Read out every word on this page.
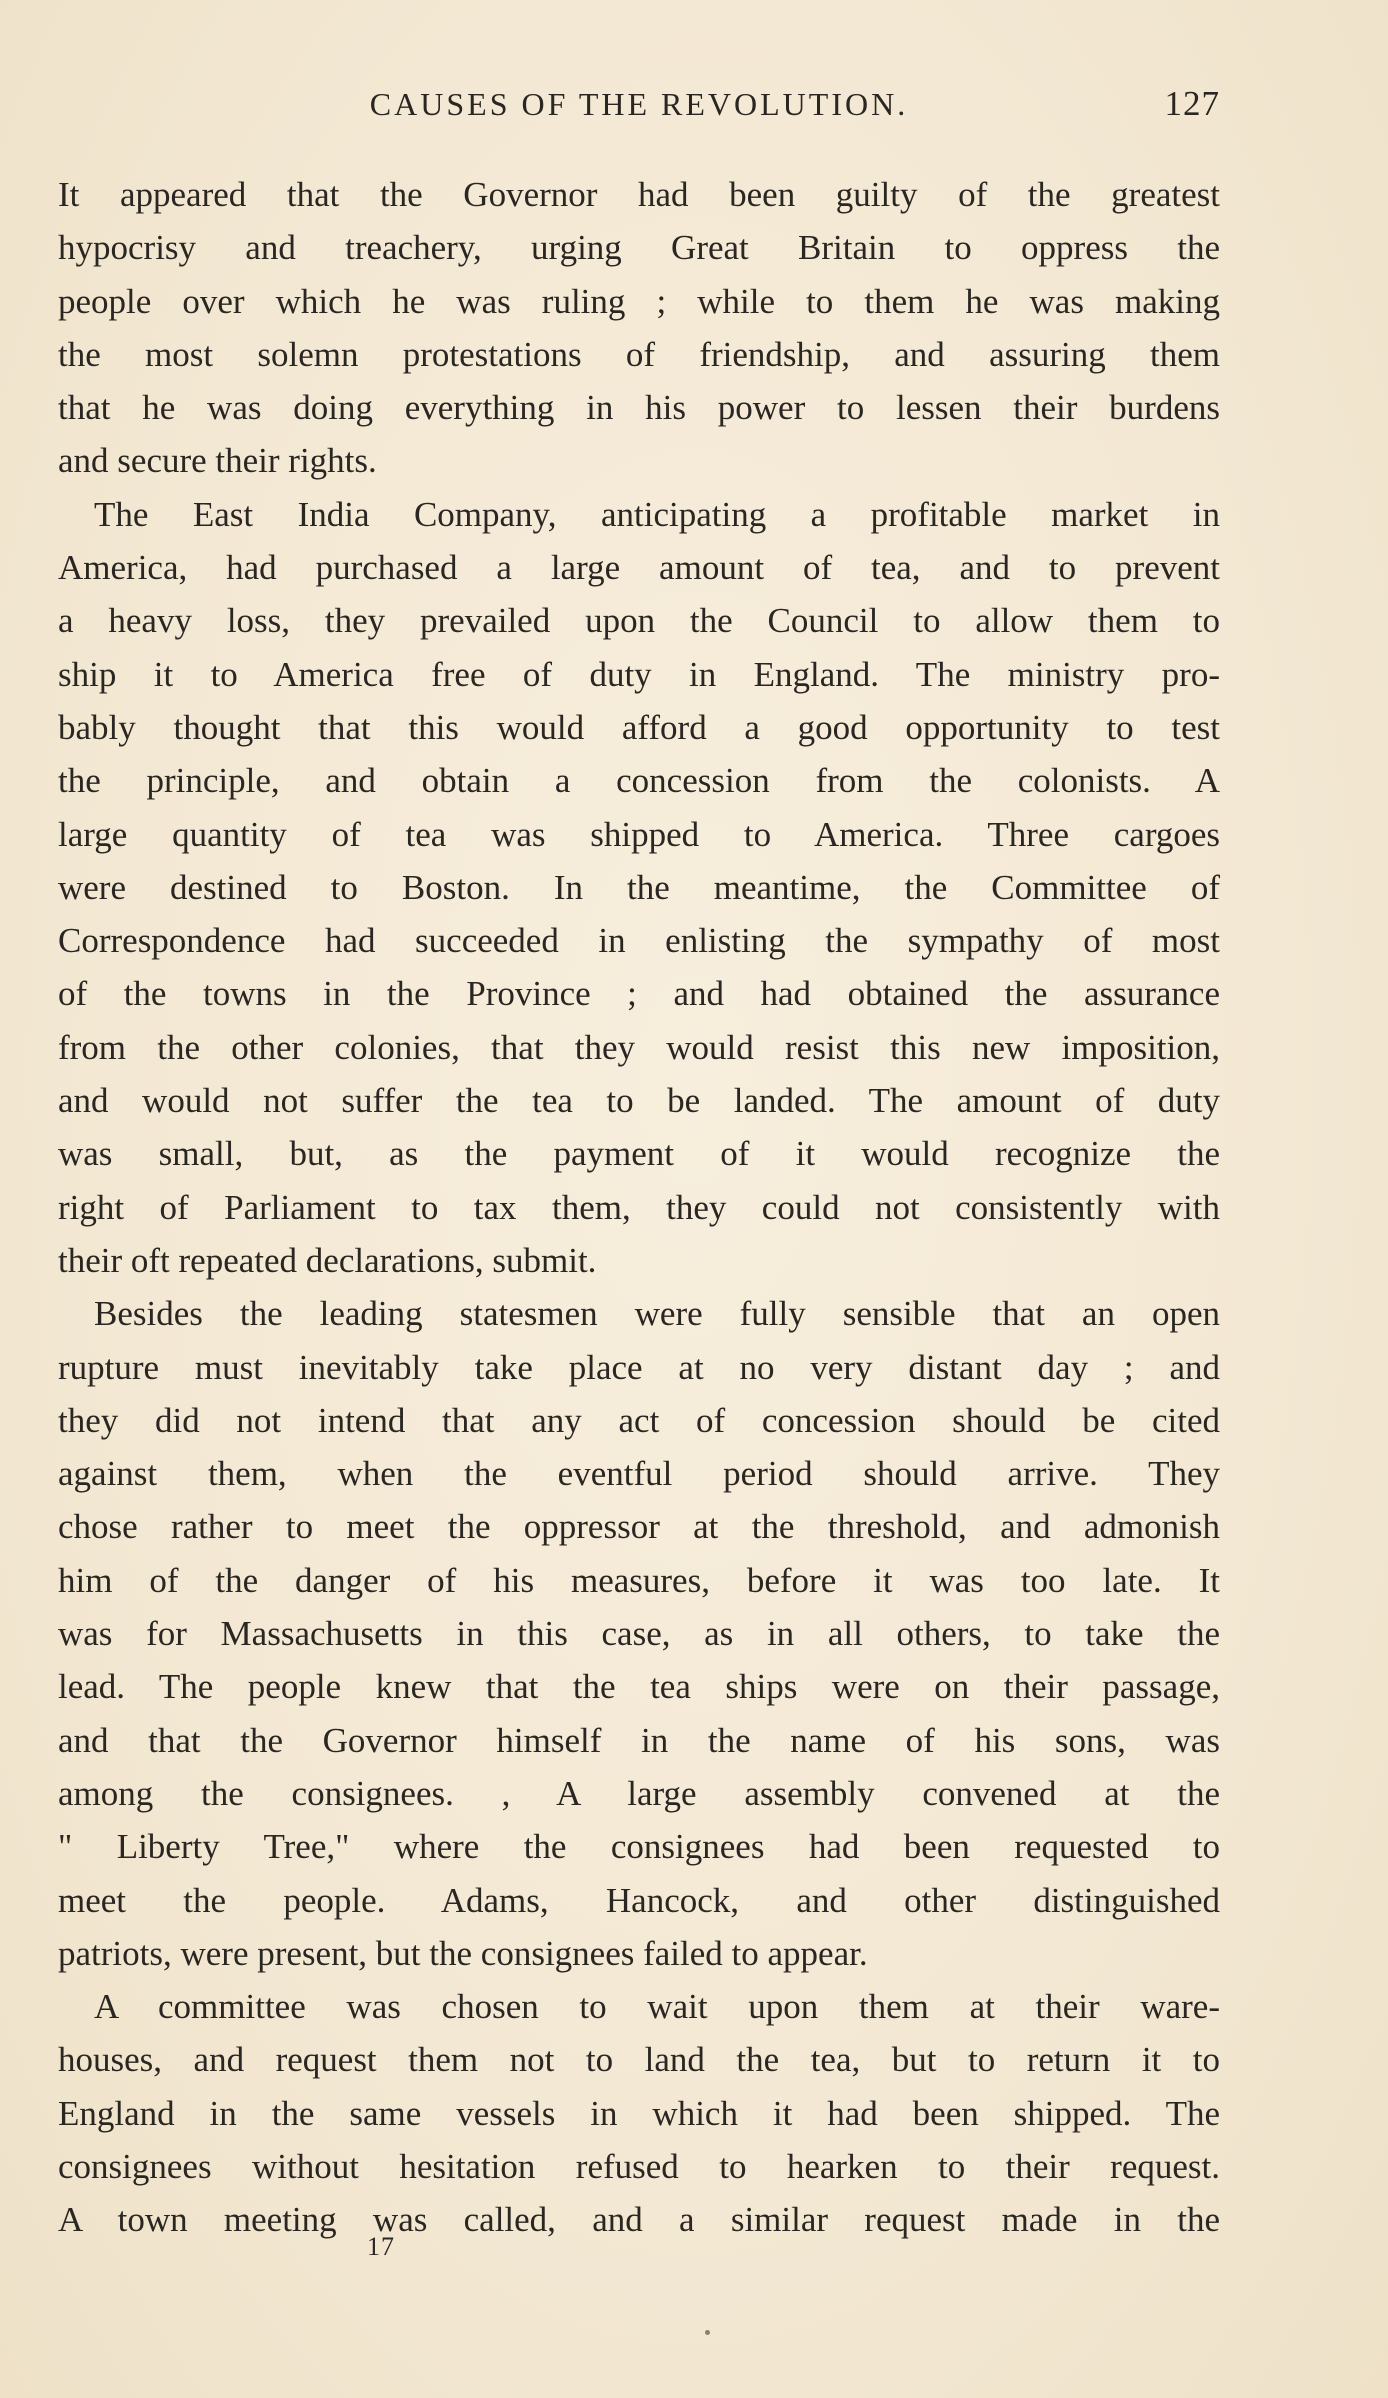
CAUSES OF THE REVOLUTION.	127
It appeared that the Governor had been guilty of the greatest
hypocrisy and treachery, urging Great Britain to oppress the
people over which he was ruling ; while to them he was making
the most solemn protestations of friendship, and assuring them
that he was doing everything in his power to lessen their burdens
and secure their rights.
The East India Company, anticipating a profitable market in
America, had purchased a large amount of tea, and to prevent
a heavy loss, they prevailed upon the Council to allow them to
ship it to America free of duty in England. The ministry pro-
bably thought that this would afford a good opportunity to test
the principle, and obtain a concession from the colonists. A
large quantity of tea was shipped to America. Three cargoes
were destined to Boston. In the meantime, the Committee of
Correspondence had succeeded in enlisting the sympathy of most
of the towns in the Province ; and had obtained the assurance
from the other colonies, that they would resist this new imposition,
and would not suffer the tea to be landed. The amount of duty
was small, but, as the payment of it would recognize the
right of Parliament to tax them, they could not consistently with
their oft repeated declarations, submit.
Besides the leading statesmen were fully sensible that an open
rupture must inevitably take place at no very distant day ; and
they did not intend that any act of concession should be cited
against them, when the eventful period should arrive. They
chose rather to meet the oppressor at the threshold, and admonish
him of the danger of his measures, before it was too late. It
was for Massachusetts in this case, as in all others, to take the
lead. The people knew that the tea ships were on their passage,
and that the Governor himself in the name of his sons, was
among the consignees. , A large assembly convened at the
" Liberty Tree," where the consignees had been requested to
meet the people. Adams, Hancock, and other distinguished
patriots, were present, but the consignees failed to appear.
A committee was chosen to wait upon them at their ware-
houses, and request them not to land the tea, but to return it to
England in the same vessels in which it had been shipped. The
consignees without hesitation refused to hearken to their request.
A town meeting was called, and a similar request made in the
17
